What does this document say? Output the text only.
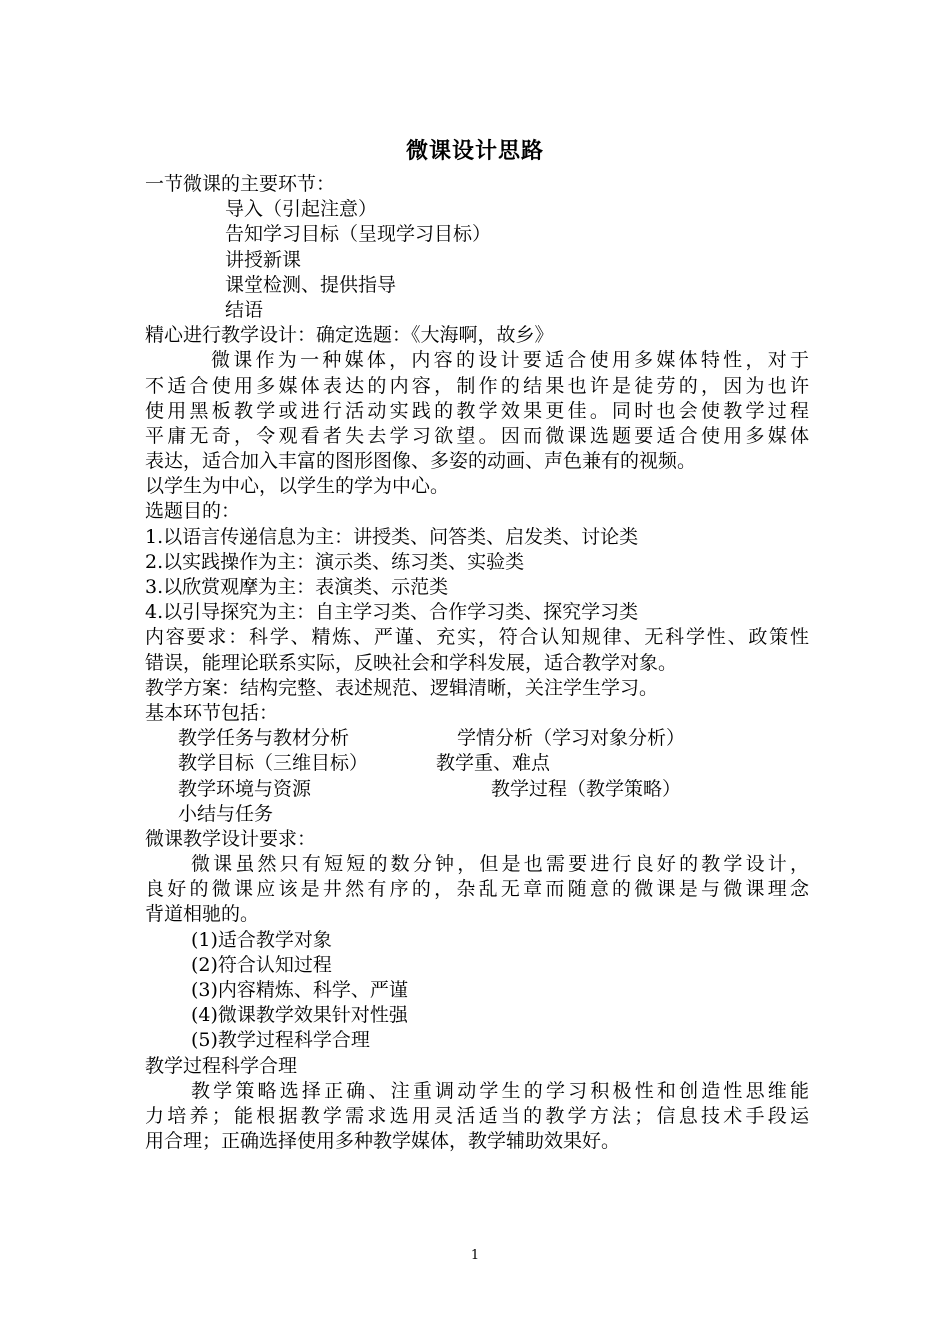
微课设计思路
一节微课的主要环节：
导入（引起注意）
告知学习目标（呈现学习目标）
讲授新课
课堂检测、提供指导
结语
精心进行教学设计：确定选题：《大海啊，故乡》
微课作为一种媒体，内容的设计要适合使用多媒体特性，对于
不适合使用多媒体表达的内容，制作的结果也许是徒劳的，因为也许
使用黑板教学或进行活动实践的教学效果更佳。同时也会使教学过程
平庸无奇，令观看者失去学习欲望。因而微课选题要适合使用多媒体
表达，适合加入丰富的图形图像、多姿的动画、声色兼有的视频。
以学生为中心，以学生的学为中心。
选题目的：
1.以语言传递信息为主：讲授类、问答类、启发类、讨论类
2.以实践操作为主：演示类、练习类、实验类
3.以欣赏观摩为主：表演类、示范类
4.以引导探究为主：自主学习类、合作学习类、探究学习类
内容要求：科学、精炼、严谨、充实，符合认知规律、无科学性、政策性
错误，能理论联系实际，反映社会和学科发展，适合教学对象。
教学方案：结构完整、表述规范、逻辑清晰，关注学生学习。
基本环节包括：
教学任务与教材分析	学情分析（学习对象分析）
教学目标（三维目标）	教学重、难点
教学环境与资源	教学过程（教学策略）
小结与任务
微课教学设计要求：
微课虽然只有短短的数分钟，但是也需要进行良好的教学设计，
良好的微课应该是井然有序的，杂乱无章而随意的微课是与微课理念
背道相驰的。
(1)适合教学对象
(2)符合认知过程
(3)内容精炼、科学、严谨
(4)微课教学效果针对性强
(5)教学过程科学合理
教学过程科学合理
教学策略选择正确、注重调动学生的学习积极性和创造性思维能
力培养；能根据教学需求选用灵活适当的教学方法；信息技术手段运
用合理；正确选择使用多种教学媒体，教学辅助效果好。
1
